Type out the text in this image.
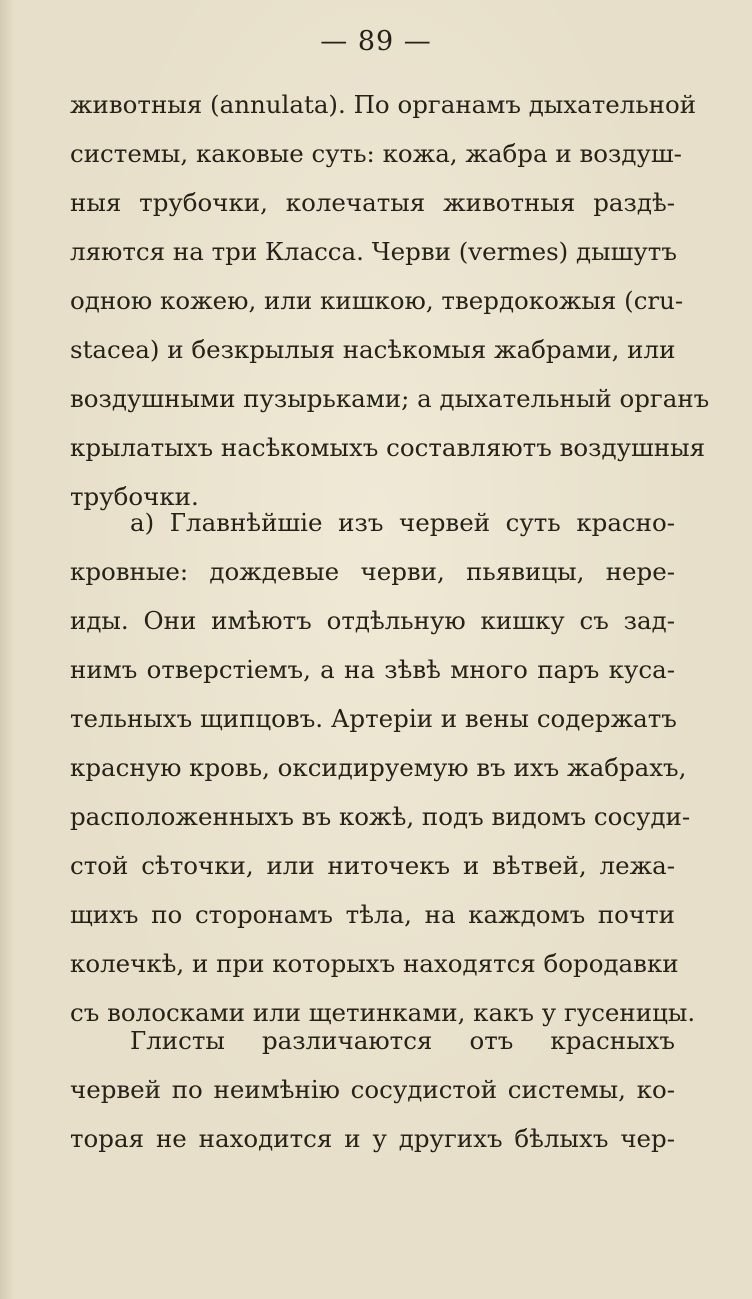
— 89 —
животныя (annulata). По органамъ дыхательной
системы, каковые суть: кожа, жабра и воздуш-
ныя трубочки, колечатыя животныя раздѣ-
ляются на три Класса. Черви (vermes) дышутъ
одною кожею, или кишкою, твердокожыя (cru-
stacea) и безкрылыя насѣкомыя жабрами, или
воздушными пузырьками; а дыхательный органъ
крылатыхъ насѣкомыхъ составляютъ воздушныя
трубочки.
а) Главнѣйшіе изъ червей суть красно-
кровные: дождевые черви, пьявицы, нере-
иды. Они имѣютъ отдѣльную кишку съ зад-
нимъ отверстіемъ, а на зѣвѣ много паръ куса-
тельныхъ щипцовъ. Артеріи и вены содержатъ
красную кровь, оксидируемую въ ихъ жабрахъ,
расположенныхъ въ кожѣ, подъ видомъ сосуди-
стой сѣточки, или ниточекъ и вѣтвей, лежа-
щихъ по сторонамъ тѣла, на каждомъ почти
колечкѣ, и при которыхъ находятся бородавки
съ волосками или щетинками, какъ у гусеницы.
Глисты различаются отъ красныхъ
червей по неимѣнію сосудистой системы, ко-
торая не находится и у другихъ бѣлыхъ чер-
